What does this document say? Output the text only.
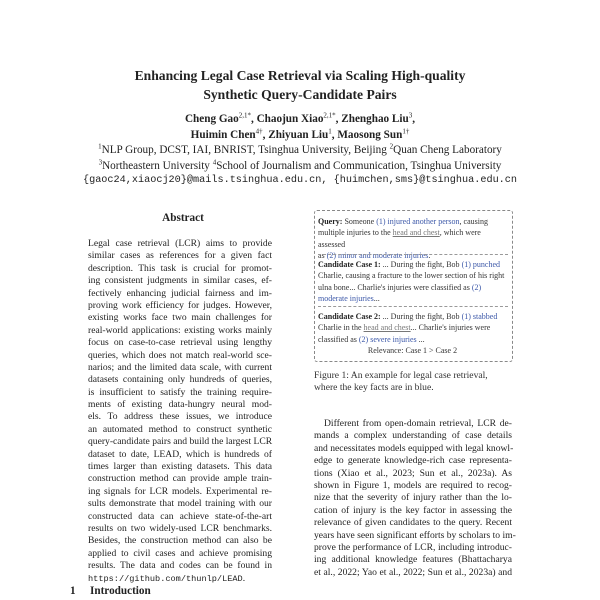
Enhancing Legal Case Retrieval via Scaling High-quality
Synthetic Query-Candidate Pairs
Cheng Gao$^{2,1*}$, Chaojun Xiao$^{2,1*}$, Zhenghao Liu$^3$,
Huimin Chen$^{4\dagger}$, Zhiyuan Liu$^1$, Maosong Sun$^{1\dagger}$
$^1$NLP Group, DCST, IAI, BNRIST, Tsinghua University, Beijing $^2$Quan Cheng Laboratory
$^3$Northeastern University $^4$School of Journalism and Communication, Tsinghua University
{gaoc24,xiaocj20}@mails.tsinghua.edu.cn, {huimchen,sms}@tsinghua.edu.cn
Abstract
Legal case retrieval (LCR) aims to provide
similar cases as references for a given fact
description. This task is crucial for promot-
ing consistent judgments in similar cases, ef-
fectively enhancing judicial fairness and im-
proving work efficiency for judges. However,
existing works face two main challenges for
real-world applications: existing works mainly
focus on case-to-case retrieval using lengthy
queries, which does not match real-world sce-
narios; and the limited data scale, with current
datasets containing only hundreds of queries,
is insufficient to satisfy the training require-
ments of existing data-hungry neural mod-
els. To address these issues, we introduce
an automated method to construct synthetic
query-candidate pairs and build the largest LCR
dataset to date, LEAD, which is hundreds of
times larger than existing datasets. This data
construction method can provide ample train-
ing signals for LCR models. Experimental re-
sults demonstrate that model training with our
constructed data can achieve state-of-the-art
results on two widely-used LCR benchmarks.
Besides, the construction method can also be
applied to civil cases and achieve promising
results. The data and codes can be found in
https://github.com/thunlp/LEAD.
1 Introduction
Query: Someone (1) injured another person, causing
multiple injuries to the head and chest, which were assessed
as (2) minor and moderate injuries.
Candidate Case 1: ... During the fight, Bob (1) punched
Charlie, causing a fracture to the lower section of his right
ulna bone... Charlie's injuries were classified as (2)
moderate injuries...
Candidate Case 2: ... During the fight, Bob (1) stabbed
Charlie in the head and chest... Charlie's injuries were
classified as (2) severe injuries ...
Relevance: Case 1 > Case 2
Figure 1: An example for legal case retrieval, where the key facts are in blue.
Different from open-domain retrieval, LCR de-
mands a complex understanding of case details
and necessitates models equipped with legal knowl-
edge to generate knowledge-rich case representa-
tions (Xiao et al., 2023; Sun et al., 2023a). As
shown in Figure 1, models are required to recog-
nize that the severity of injury rather than the lo-
cation of injury is the key factor in assessing the
relevance of given candidates to the query. Recent
years have seen significant efforts by scholars to im-
prove the performance of LCR, including introduc-
ing additional knowledge features (Bhattacharya
et al., 2022; Yao et al., 2022; Sun et al., 2023a) and
